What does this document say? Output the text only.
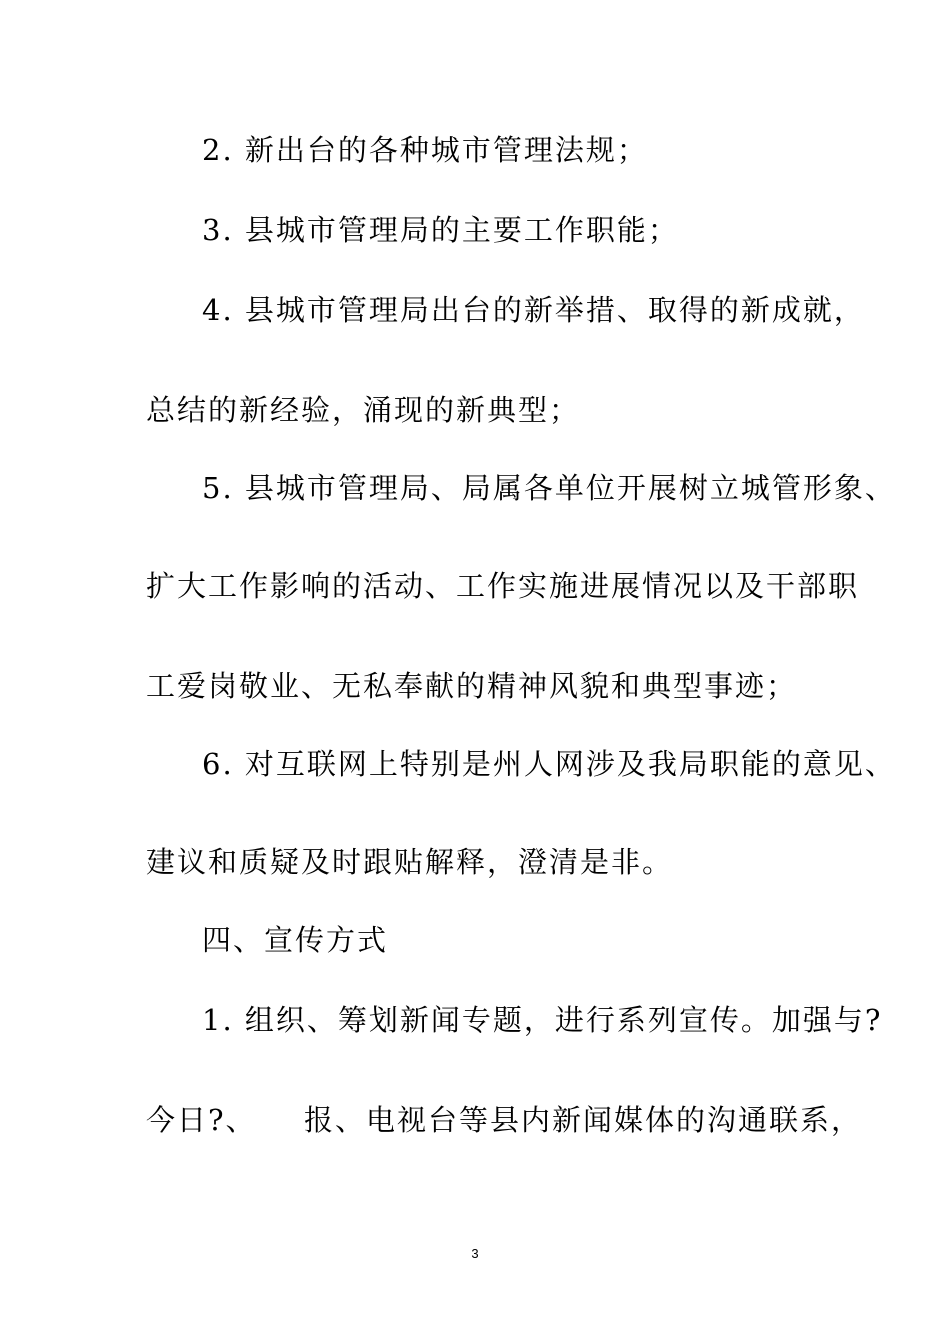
2. 新出台的各种城市管理法规；
3. 县城市管理局的主要工作职能；
4. 县城市管理局出台的新举措、取得的新成就，
总结的新经验，涌现的新典型；
5. 县城市管理局、局属各单位开展树立城管形象、
扩大工作影响的活动、工作实施进展情况以及干部职
工爱岗敬业、无私奉献的精神风貌和典型事迹；
6. 对互联网上特别是州人网涉及我局职能的意见、
建议和质疑及时跟贴解释，澄清是非。
四、宣传方式
1. 组织、筹划新闻专题，进行系列宣传。加强与?
今日?、　　报、电视台等县内新闻媒体的沟通联系，
3
